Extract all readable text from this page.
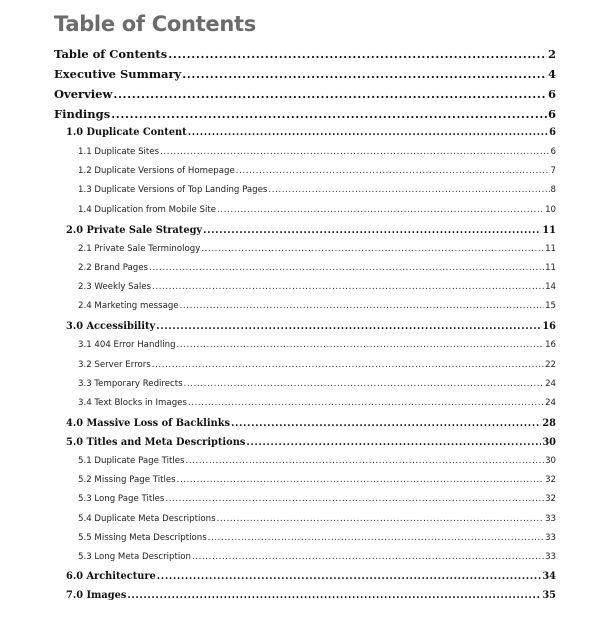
Table of Contents
Table of Contents .....	2
Executive Summary .....	4
Overview .....	6
Findings .....	6
1.0 Duplicate Content .....	6
1.1 Duplicate Sites .....	6
1.2 Duplicate Versions of Homepage .....	7
1.3 Duplicate Versions of Top Landing Pages .....	8
1.4 Duplication from Mobile Site .....	10
2.0 Private Sale Strategy .....	11
2.1 Private Sale Terminology .....	11
2.2 Brand Pages .....	11
2.3 Weekly Sales .....	14
2.4 Marketing message .....	15
3.0 Accessibility .....	16
3.1 404 Error Handling .....	16
3.2 Server Errors .....	22
3.3 Temporary Redirects .....	24
3.4 Text Blocks in Images .....	24
4.0 Massive Loss of Backlinks .....	28
5.0 Titles and Meta Descriptions .....	30
5.1 Duplicate Page Titles .....	30
5.2 Missing Page Titles .....	32
5.3 Long Page Titles .....	32
5.4 Duplicate Meta Descriptions .....	33
5.5 Missing Meta Descriptions .....	33
5.3 Long Meta Description .....	33
6.0 Architecture .....	34
7.0 Images .....	35
